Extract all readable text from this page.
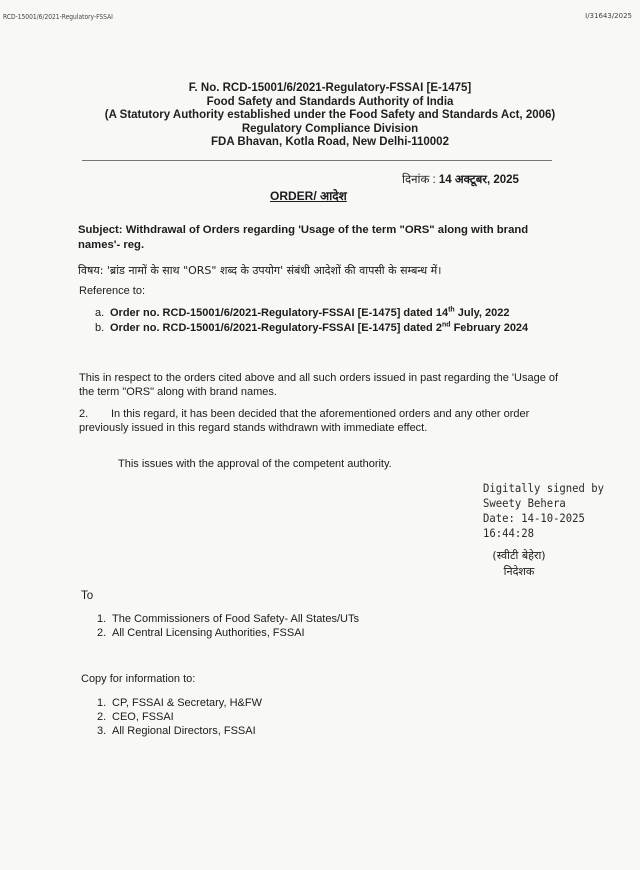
RCD-15001/6/2021-Regulatory-FSSAI	I/31643/2025
F. No. RCD-15001/6/2021-Regulatory-FSSAI [E-1475]
Food Safety and Standards Authority of India
(A Statutory Authority established under the Food Safety and Standards Act, 2006)
Regulatory Compliance Division
FDA Bhavan, Kotla Road, New Delhi-110002
दिनांक : 14 अक्टूबर, 2025
ORDER/ आदेश
Subject: Withdrawal of Orders regarding 'Usage of the term "ORS" along with brand names'- reg.
विषय: 'ब्रांड नामों के साथ "ORS" शब्द के उपयोग' संबंधी आदेशों की वापसी के सम्बन्ध में।
Reference to:
a. Order no. RCD-15001/6/2021-Regulatory-FSSAI [E-1475] dated 14th July, 2022
b. Order no. RCD-15001/6/2021-Regulatory-FSSAI [E-1475] dated 2nd February 2024
This in respect to the orders cited above and all such orders issued in past regarding the 'Usage of the term "ORS" along with brand names.
2. In this regard, it has been decided that the aforementioned orders and any other order previously issued in this regard stands withdrawn with immediate effect.
This issues with the approval of the competent authority.
Digitally signed by
Sweety Behera
Date: 14-10-2025
16:44:28
(स्वीटी बेहेरा)
निदेशक
To
1. The Commissioners of Food Safety- All States/UTs
2. All Central Licensing Authorities, FSSAI
Copy for information to:
1. CP, FSSAI & Secretary, H&FW
2. CEO, FSSAI
3. All Regional Directors, FSSAI
